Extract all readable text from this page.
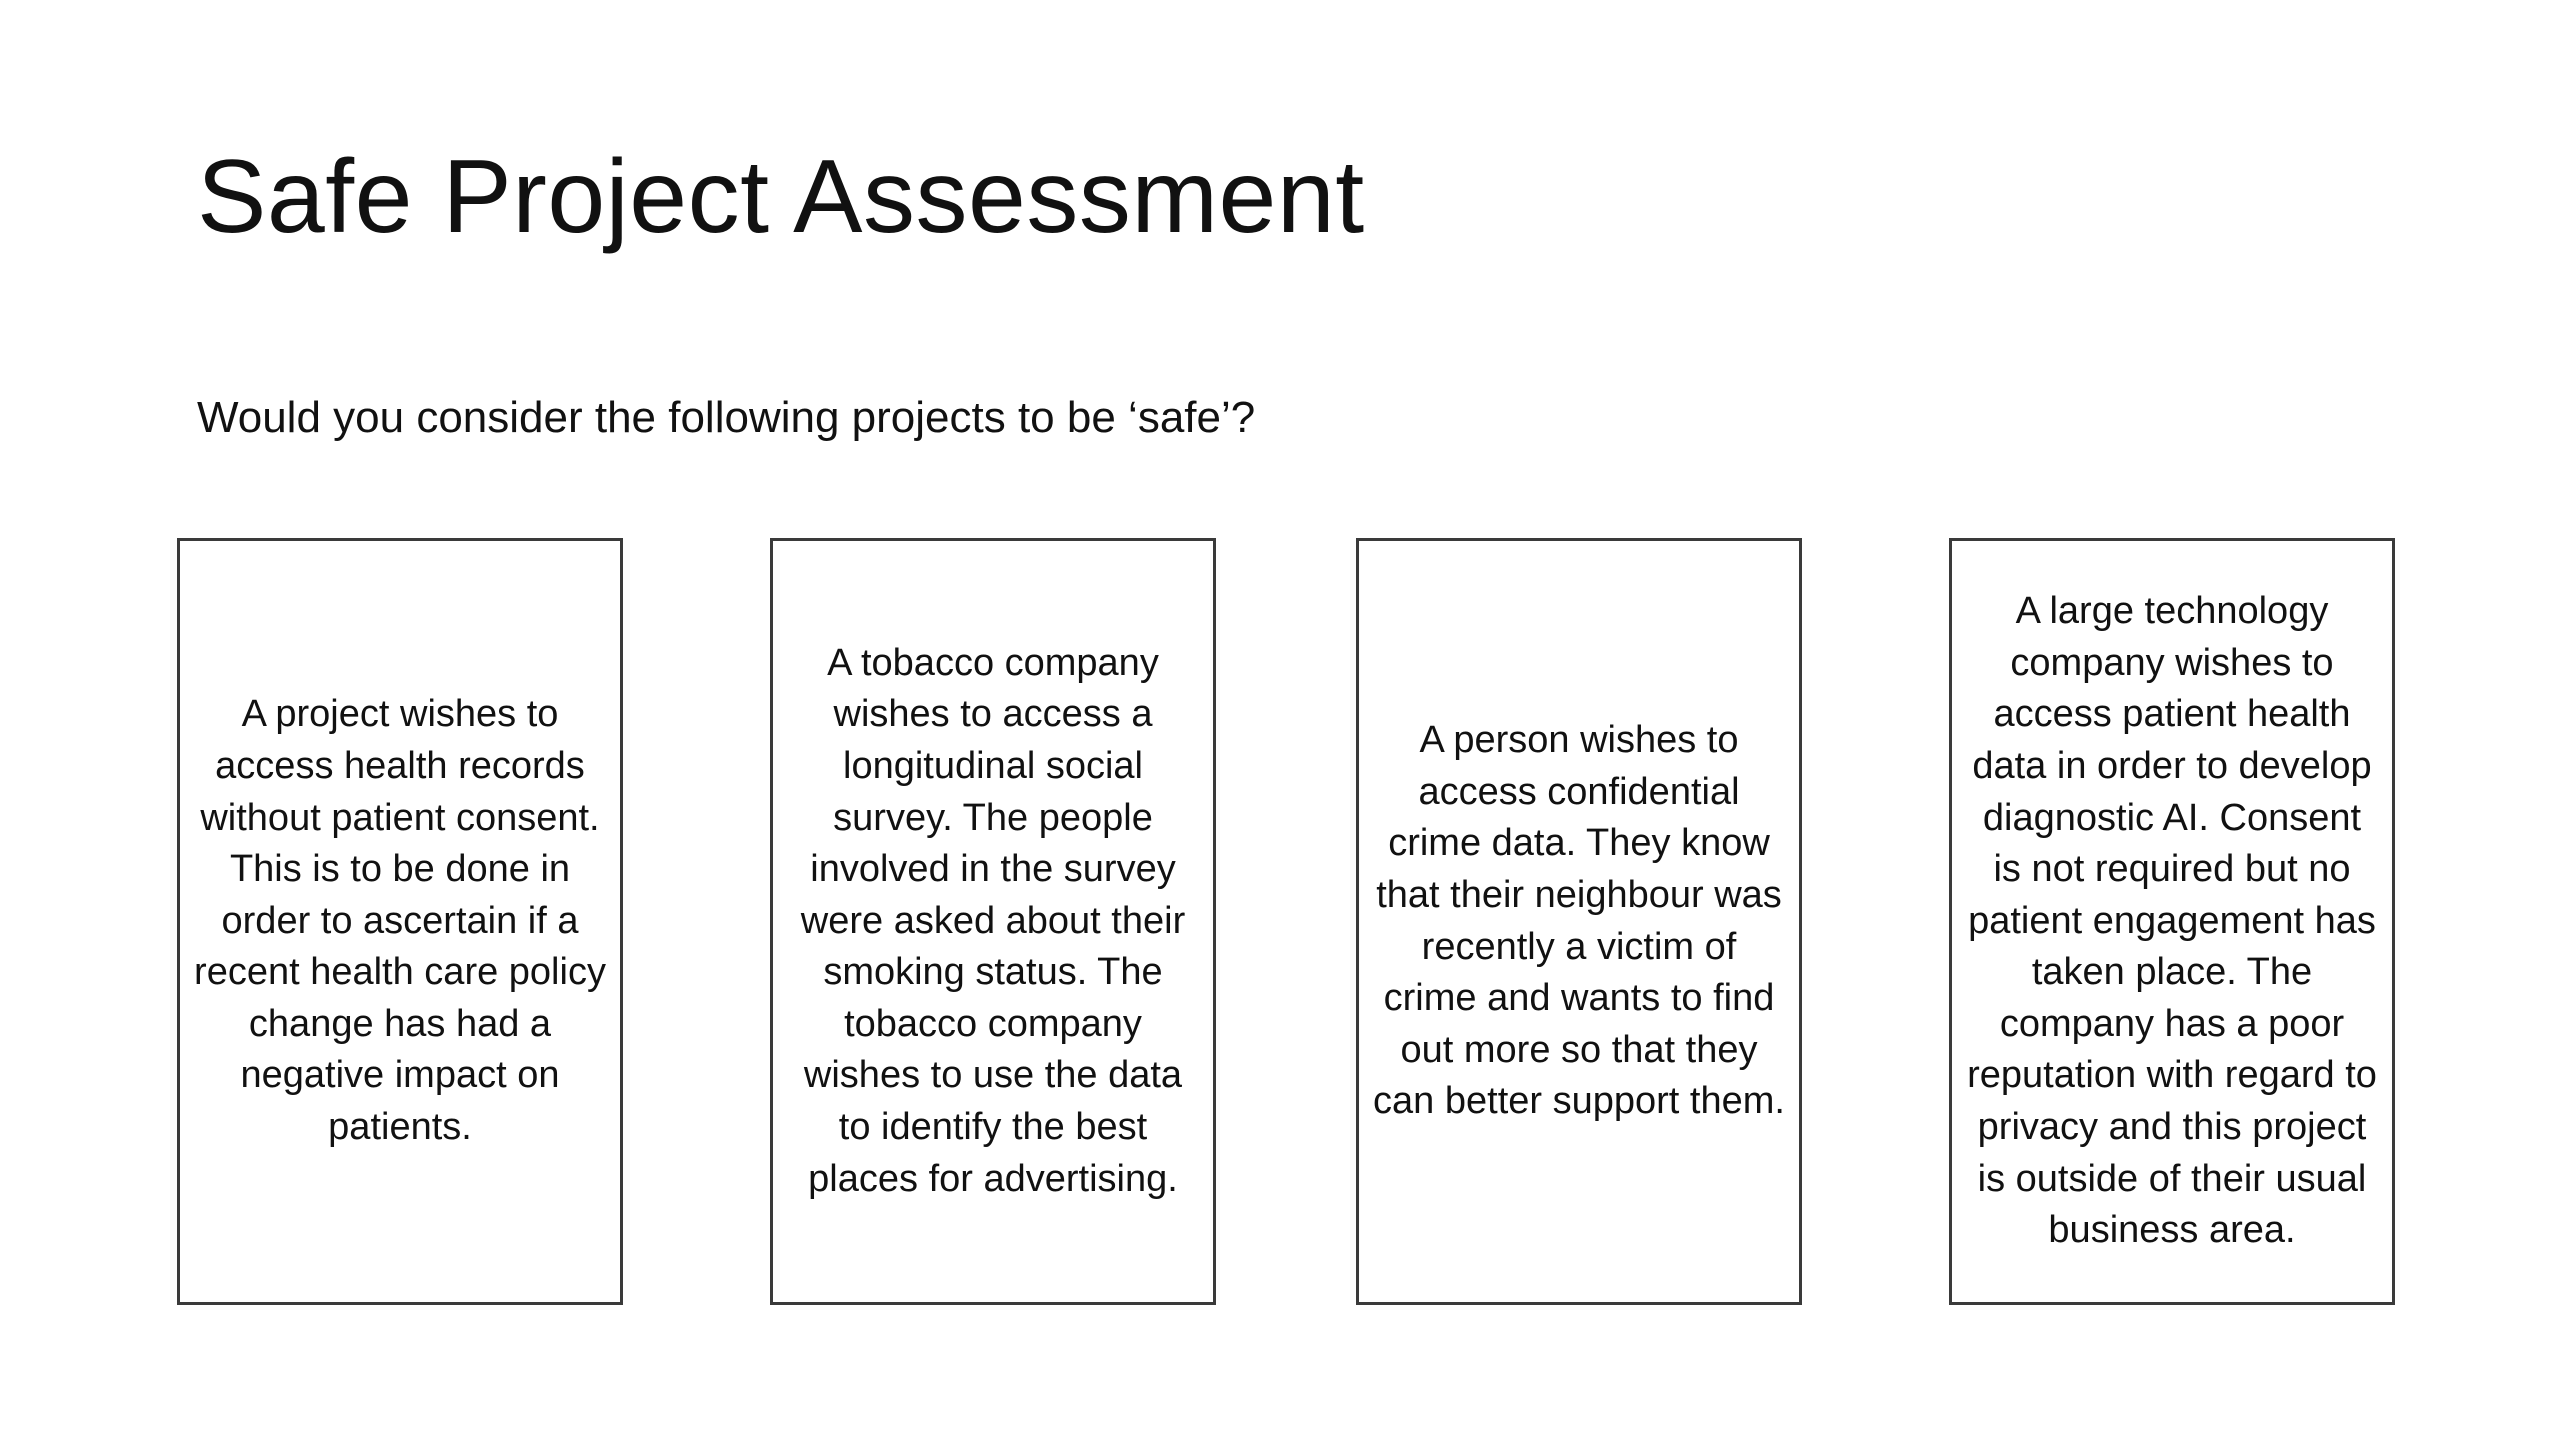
Safe Project Assessment
Would you consider the following projects to be ‘safe’?
A project wishes to access health records without patient consent. This is to be done in order to ascertain if a recent health care policy change has had a negative impact on patients.
A tobacco company wishes to access a longitudinal social survey. The people involved in the survey were asked about their smoking status. The tobacco company wishes to use the data to identify the best places for advertising.
A person wishes to access confidential crime data. They know that their neighbour was recently a victim of crime and wants to find out more so that they can better support them.
A large technology company wishes to access patient health data in order to develop diagnostic AI. Consent is not required but no patient engagement has taken place. The company has a poor reputation with regard to privacy and this project is outside of their usual business area.
